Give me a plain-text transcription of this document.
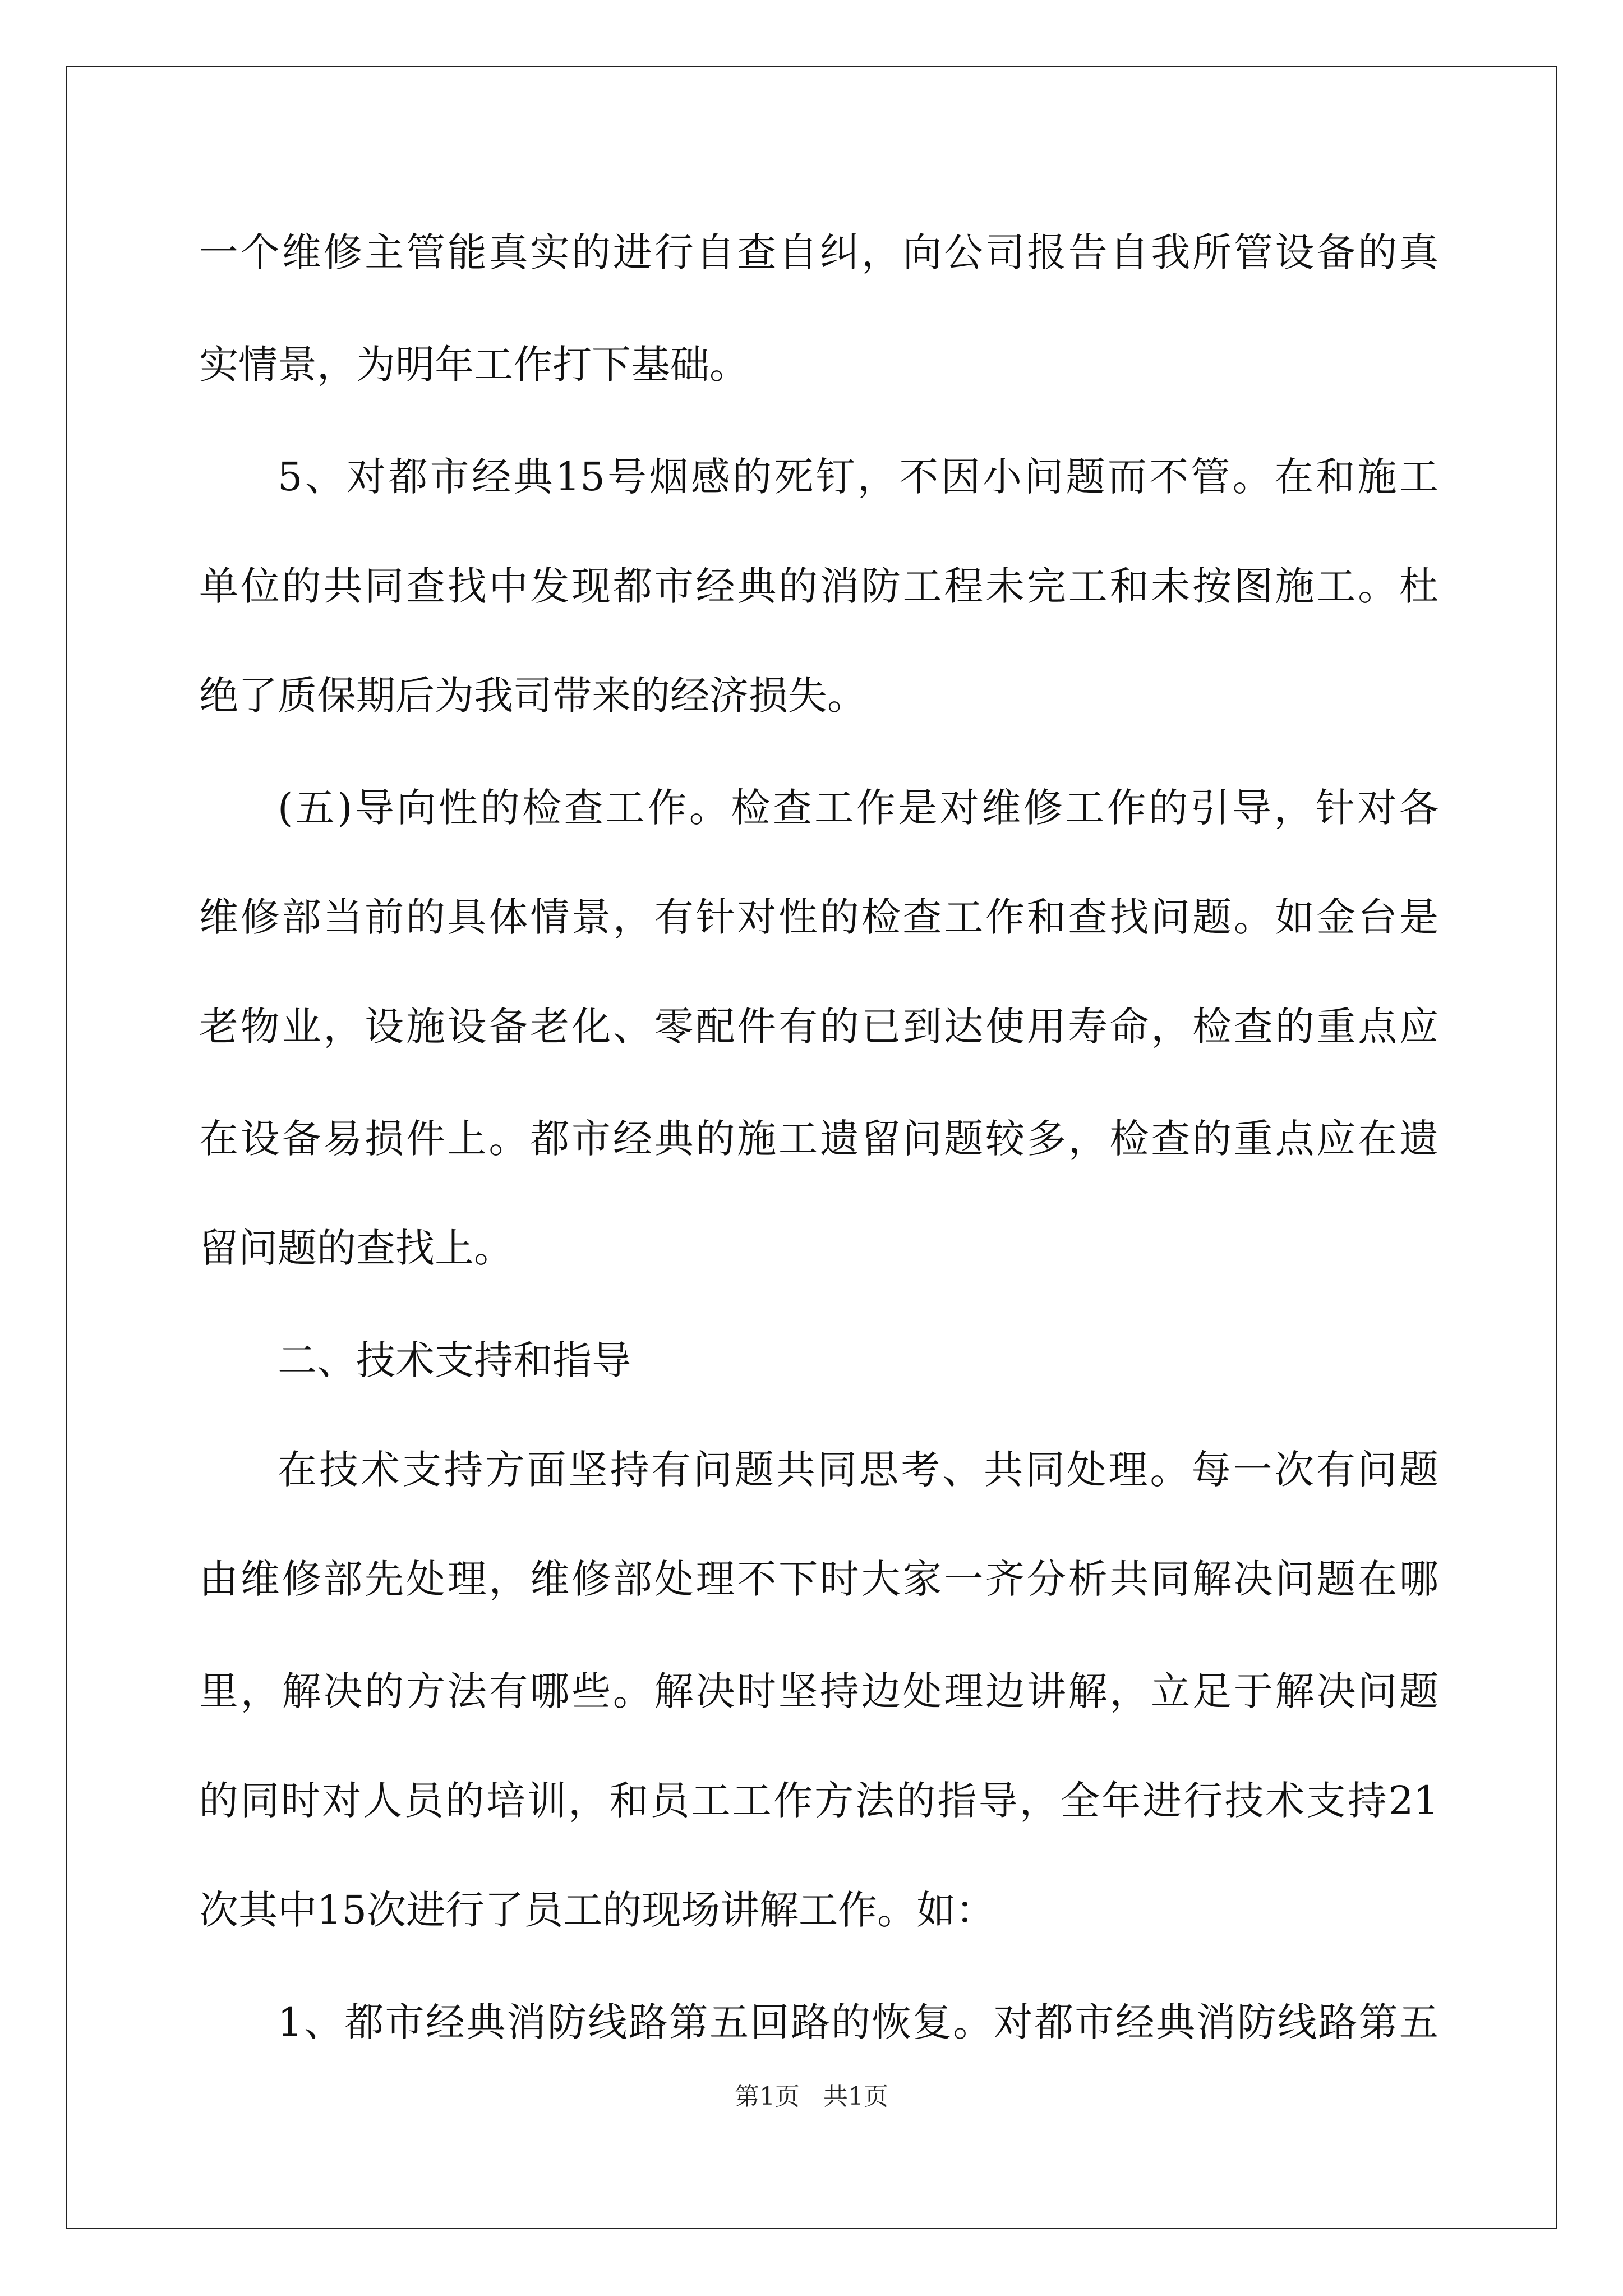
一个维修主管能真实的进行自查自纠，向公司报告自我所管设备的真
实情景，为明年工作打下基础。
5、对都市经典15号烟感的死钉，不因小问题而不管。在和施工
单位的共同查找中发现都市经典的消防工程未完工和未按图施工。杜
绝了质保期后为我司带来的经济损失。
(五)导向性的检查工作。检查工作是对维修工作的引导，针对各
维修部当前的具体情景，有针对性的检查工作和查找问题。如金台是
老物业，设施设备老化、零配件有的已到达使用寿命，检查的重点应
在设备易损件上。都市经典的施工遗留问题较多，检查的重点应在遗
留问题的查找上。
二、技术支持和指导
在技术支持方面坚持有问题共同思考、共同处理。每一次有问题
由维修部先处理，维修部处理不下时大家一齐分析共同解决问题在哪
里，解决的方法有哪些。解决时坚持边处理边讲解，立足于解决问题
的同时对人员的培训，和员工工作方法的指导，全年进行技术支持21
次其中15次进行了员工的现场讲解工作。如：
1、都市经典消防线路第五回路的恢复。对都市经典消防线路第五
第1页   共1页
